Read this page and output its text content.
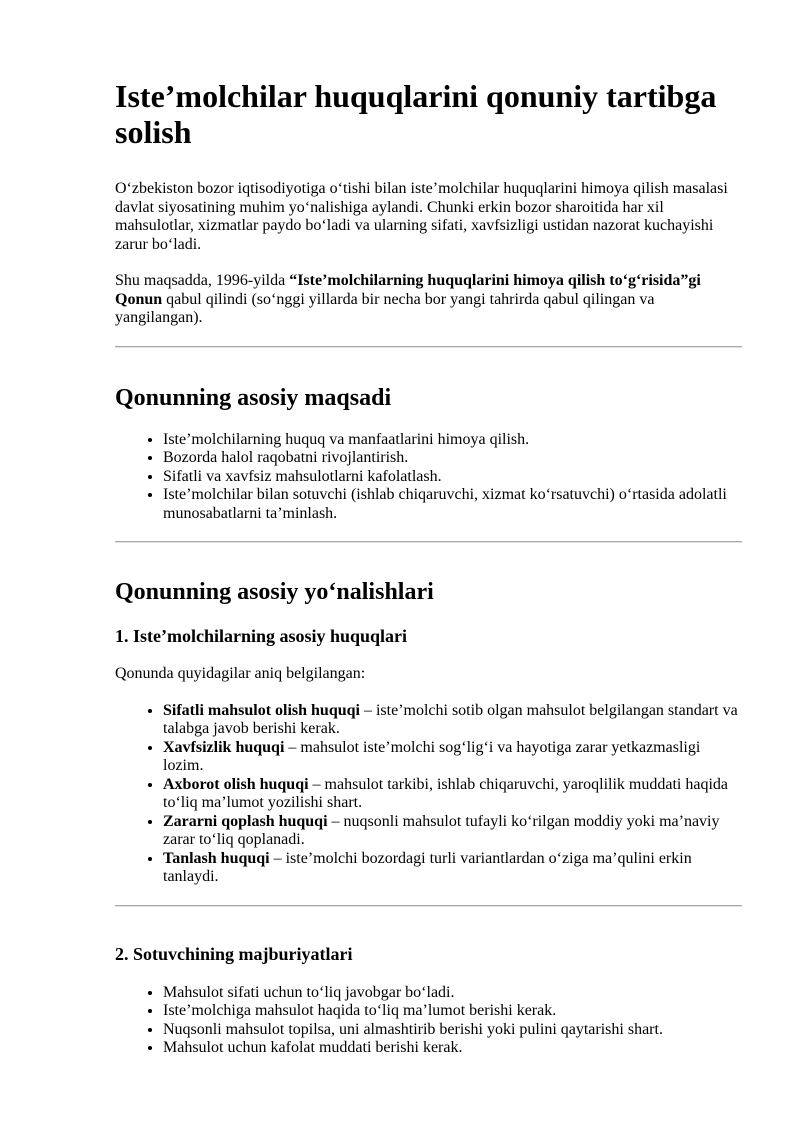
Iste’molchilar huquqlarini qonuniy tartibga solish

O‘zbekiston bozor iqtisodiyotiga o‘tishi bilan iste’molchilar huquqlarini himoya qilish masalasi davlat siyosatining muhim yo‘nalishiga aylandi. Chunki erkin bozor sharoitida har xil mahsulotlar, xizmatlar paydo bo‘ladi va ularning sifati, xavfsizligi ustidan nazorat kuchayishi zarur bo‘ladi.

Shu maqsadda, 1996-yilda “Iste’molchilarning huquqlarini himoya qilish to‘g‘risida”gi Qonun qabul qilindi (so‘nggi yillarda bir necha bor yangi tahrirda qabul qilingan va yangilangan).

Qonunning asosiy maqsadi
• Iste’molchilarning huquq va manfaatlarini himoya qilish.
• Bozorda halol raqobatni rivojlantirish.
• Sifatli va xavfsiz mahsulotlarni kafolatlash.
• Iste’molchilar bilan sotuvchi (ishlab chiqaruvchi, xizmat ko‘rsatuvchi) o‘rtasida adolatli munosabatlarni ta’minlash.
Qonunning asosiy yo‘nalishlari
1. Iste’molchilarning asosiy huquqlari

Qonunda quyidagilar aniq belgilangan:

• Sifatli mahsulot olish huquqi – iste’molchi sotib olgan mahsulot belgilangan standart va talabga javob berishi kerak.
• Xavfsizlik huquqi – mahsulot iste’molchi sog‘lig‘i va hayotiga zarar yetkazmasligi lozim.
• Axborot olish huquqi – mahsulot tarkibi, ishlab chiqaruvchi, yaroqlilik muddati haqida to‘liq ma’lumot yozilishi shart.
• Zararni qoplash huquqi – nuqsonli mahsulot tufayli ko‘rilgan moddiy yoki ma’naviy zarar to‘liq qoplanadi.
• Tanlash huquqi – iste’molchi bozordagi turli variantlardan o‘ziga ma’qulini erkin tanlaydi.
2. Sotuvchining majburiyatlari
• Mahsulot sifati uchun to‘liq javobgar bo‘ladi.
• Iste’molchiga mahsulot haqida to‘liq ma’lumot berishi kerak.
• Nuqsonli mahsulot topilsa, uni almashtirib berishi yoki pulini qaytarishi shart.
• Mahsulot uchun kafolat muddati berishi kerak.
